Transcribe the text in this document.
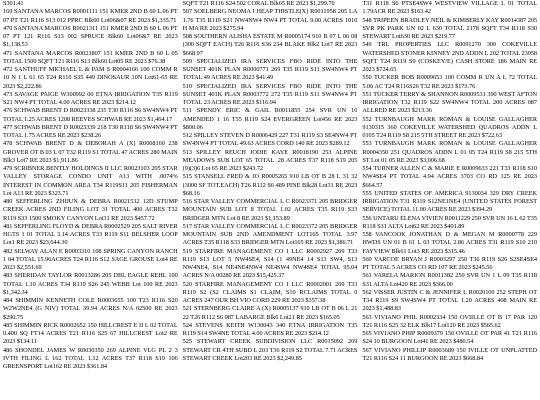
S301.41

169 SANTANA MARCOS R0001111 151 KMER 2ND B 60 L.06 PT 07 PT T21 R116 S13 012 PPRC Blk60 Lot06&07 RE 2023 $1,335.71

470 SANTANA MARCOS R0021311 151 KMER 2ND B 60 L 06 PT 07 PT 121 R116 S13 902 SPRUCE Blk60 Lot06&7 RE 2023 $1,138.53

471 SANTANA MARCOS R0023807 151 KMER 2ND B 60 L 05 TOTAL 1500 SQFT T21 R116 S13 Blk60 Lot05 RE 2023 $76.38

472 SANTHUFF MICHAEL L & PAM S R0004166 100 COMM R 10 N 1 L 61 65 T24 R116 S35 449 DINOSAUR 10N Lot61-65 RE 2023 $2,222.86

473 SAVAGE PAIGE W300992 00 ETNA IRRIGATION T35 R119 S21 NW4 PT TOTAL 4.00 ACRES RE 2023 $214.12

476 SCHWAB BRENT D R0023338 235 T30 R116 S6 SW4NW4 PT TOTAL 1.25 ACRES 1208 REEVES SCHWAB RE 2023 $1,464.17

477 SCHWAB BRENT D R0023339 218 T30 R118 S6 SW4NW4 PT TOTAL 1.75 ACRES RE 2023 $238.26

478 SCHWAB BRENT D & DEBORAH A (X) R0008160 238 GROVER OT B 03 L 07 T32 R119 S1 TOTAL 47 ACRES 280 MAIN Blk3 Lot7 RE 2023 $1,911.86

479 SCRIBNER BENTLY HOLDINGS II LLC R0023103 205 STAR VALLEY STORAGE CONDO UNIT A13 WITH .0074% INTEREST IN COMMON AREA T34 R119S11 205 FISHERMAN Lot A13 RE 2023 $323.71

480 SEFFERLING ZHIJUN & DEBRA R0021532 12D STUMP CREEK ACRES 2ND FILING LOT 31 TOTAL 400 ACRES T32 R119 S33 1500 SMOKY CANYON Lot31 RE 2023 $457.72

481 SEFFERLING FLOYD & DEBRA R0002529 205 SALT RIVER HGTS 1 01 TOTAL 3.14 ACRES T33 R119 S11 BELSHER LOOP Lot1 RE 2023 $23,644.30

482 SELWAY ALAN E R0003310 108 SPRING CANYON RANCH 1 04 TOTAL 15.96ACRES T24 R116 S12 SAGE GROUSE Lot4 RE 2023 $2,551.69

483 SHERIDAN TAYLOR R0013286 205 DBL EAGLE REHL 100 TOTAL 1.10 ACRES T34 R119 S26 245 WEBB Lot 100 RE 2023 $1,342.34

484 SHIMMIN KENNETH COLE R0003655 100 T23 R116 S20 W2W2NE4 (G NIV) TOTAL 39.94 ACRES N/A 02500 RE 2023 $290.75

485 SHIMMIN RICK R0002652 150 HILLCREST E II L 02 TOTAL 0.400 SQ FT14 ACRES T21 R116 S25 67 HILLCREST Lot2 RE 2023 $134.11

486 SHONDEL JAMES W R0030350 269 ALPINE VLG PL 2 3 IVTH FILING L 162 TOTAL 1.12 ACRES T37 R118 S19 106 GREENSPORT Lot162 RE 2023 $361.84

SQFT T21 R116 S24 502 CORAL Blk65 RE 2023 $1,299.70

507 SOELBERG NEOMA I HEAP THISTLE(X) R0011958 205 LA 1.76 T35 R119 S21 NW4NW4 NW4 PT TOTAL 9.00 ACRES 1010 H MA RE 2023 $275.94

508 SOUTHERN ALISHA ESTATE M R0005174 910 B 07 L 06 08 (300 SQFT EACH) T26 R116 S36 234 BLAKE Blk2 Lot7 RE 2023 $668.97

509 SPECIALIZED IRA SERVICES FBO RIDE INTO THE SUNSET 401K PLAN R0000771 269 T35 R119 S11 SW4NW4 PT TOTAL 49 ACRES RE 2023 $41.49

510 SPECIALIZED IRA SERVICES FBO RIDE INTO THE SUNSET 401K PLAN R0003772 272 T35 R119 S11 SW4NW4 PT TOTAL 23 ACRES RE 2023 $116.94

511 SPENDY ERIC & GAIL R0011855 254 SVR UN 16 AMENDED 1 16 T35 R119 S24 EVERGREEN Lot456 RE 2023 $800.06

512 SPILLEY STEVEN D R0006429 227 T31 R119 S3 SE4NW4 PT SW4NW4 PT TOTAL 49.63 ACRES CORD 140 RE 2023 $289.12

513 SPILLEY REUCH JODIE KAYE R0018190 253 ALPINE MEADOWS SUB LOT 65 TOTAL .28 ACRES T37 R118 S19 205 (9)(3)6 Lot 65 RE 2023 $243.72

515 STANSELL FRED & JO R0005265 910 LB OT B 28 L 31 32 (3000 SF TOT.EACH) T26 R112 S6 489 PINE Blk28 Lot31 RE 2023 $68.16

516 STAR VALLEY COMMERCIAL L C R0023371 205 BRIDGER MOUNTAIN SUB LOT 8 TOTAL 1.02 ACRES T35 R119 S33 BRIDGER MTN Lot 8 RE 2023 $1,153.89

517 STAR VALLEY COMMERCIAL L C R0023372 205 BRIDGER MOUNTAIN SUB 2ND AMENDMENT LOT165 TOTAL 3.97 ACRES T35 R118 S33 BRIDGER MTN Lot165 RE 2023 $1,386.71

519 STARFIRE MANAGEMENT CO I LLC R0002927 209 T33 R119 S13 LOT 5 NW4SE4, S14 (1 49NE4 14 S13 SW4, S13 NW4NE4, S14 NE4NE4NW4 NE4SW4 NW4SE4 TOTAL 95.04 ACRES N/A 00280 RE 2023 $15,425.37

520 STARFIRE MANAGEMENT CO I LLC R0002001 209 T33 R119 S2 (S2 CLAIMS S1 CLAIM, S10 RCLAIMS TOTAL 0 ACRES 247 OUR BH VIO CORD 229 RE 2023 $357.38

521 STERNBERG CLAIRE A (X) R0005137 910 LB OT B 06 L 21 22 T26 R112 S6 087 LABARGE Blk6 Lot21 RE 2023 $165.05

524 STEVENS KEITH W130043 340 ETNA IRRIGATION T35 R119 S14 SW4NE TOTAL 4.00 ACRES RE 2023 $214.12

525 STEWART CREEK SUBDIVISION LLC R0015092 269 STEWART CR 4TH SUBD L 203 T36 R119 S2 TOTAL 7.71 ACRES STEWART CREEK Lot203 RE 2023 $2,249.85

T31 R118 S6 PTSE4SW4 WESTVIEW VILLAGE L 01 TOTAL 1.79ACR RE 2023 $163.42

548 TRIPEEN BRADLEY NEIL & KIMBERLY KAY R0014387 205 SVR PK PARK UN 02 L 630 TOTAL 2178 SQFT T34 R118 S30 STEWART Lot630 RE 2023 $219.77

549 TRL PROPERTIES LLC R0091270 300 COKEVILLE WATERSHED STONER KINNEY 2ND ADDN L 202 TOTAL 23958 SQFT T24 R119 S9 (COSKEY/E) CASH STORE 186 MAIN RE 2023 $724.65

550 TUCKER BOB R0009653 100 COMM R UN A L 72 TOTAL 5.06 AC T24 R116S26 T32 RE 2023 $173.76

551 TUCKER TERRY & SHANNON R0009531 390 WEST AFTON IRRIGATION T32 R119 S22 SW4NW4 TOTAL 200 ACRES 087 ALLRED RE 2023 $213.36

552 TURNBAUGH MARK ROMAN & LOUISE GALLAGHER 9130315 360 COKEVILLE WATERSHED QUADROS ADDN L 0105 T24 R119 S8 215 5TH STREET RE 2023 $722.63

553 TURNBAUGH MARK ROMAN & LOUISE GALLAGHER R0004350 251 QUADROS ADDN L 01 05 T24 R119 S8 215 5TH ST Lot 01 05 RE 2023 $3,006.68

554 TURNER ALLEN C & MARIE E R0009633 221 T33 R118 S10 NW4SE4 PT TOTAL 4.94 ACRES 3703 CO RD 125 RE 2023 $664.57

555 UNITED STATES OF AMERICA 9130034 329 DRY CREEK IRRIGATION T31 R119 S12NE1NE4 (UNITED STATES FOREST SERVICE) TOTAL 11.00 ACRES RE 2023 $394.29

556 UNTARU ELENA VIVIEN R0011229 250 SVR UN 16 L 62 T35 R118 S31 ALTA Lot62 RE 2023 $401.89

558 VANCOOK JONATHAN D & MEGAN M R0000778 229 HWDS UN 01 B 61 L 03 TOTAL 2.86 ACRES T31 R119 S10 210 FAYVIEW Blk61 Lot3 RE 2023 $315.46

560 VARCOE BRYAN J R0003297 250 T36 R119 S26 S2SE4SE4 PT TOTAL 5 ACRES CO RD 107 RE 2023 $245.56

561 VARELA MARION R0011382 250 SVR UN 1 L 09 T35 R118 S31 ALTA Lot420 RE 2023 $366.00

562 VISSER JUSTIN C & JENNIFER L R0020109 252 STEPH OT T34 R119 S9 SW4SW4 PT TOTAL 1.20 ACRES 408 MAIN RE 2023 $1,488.83

563 VIVIANO PHIL R0002334 150 OVIILLE OT B 17 PAR 120 T21 R116 S25 32 ELK Blk17 Lot120 RE 2023 $565.62

565 VIVIANO PHIP R0009379 150 OVILLE OT PAR 41 T21 R116 S24 10 BURGOON Lot41 RE 2023 $480.54

567 VIVIANO PHILLIP R0003689 150 IVILLE OT UNPLATTED T21 R116 S24 11 BURGOON RE 2023 $668.84
